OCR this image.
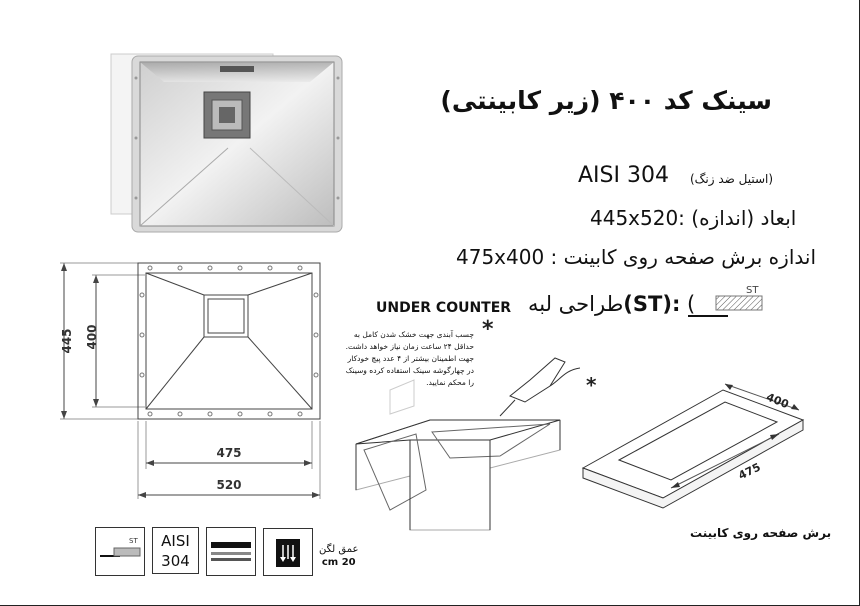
سینک کد ۴۰۰ (زیر کابینتی)
(استیل ضد زنگ)
AISI 304
445x520: ابعاد (اندازه)
475x400 : اندازه برش صفحه روی کابینت
UNDER COUNTER طراحی لبه(ST): (
ST
445 400
475
520
چسب آبندی جهت خشک شدن کامل به حداقل ۲۴ ساعت زمان نیاز خواهد داشت. جهت اطمینان بیشتر از ۴ عدد پیچ خودکار در چهارگوشه سینک استفاده کرده وسینک را محکم نمایید.
*
*
400
475
برش صفحه روی کابینت
ST	AISI
304
عمق لگن
20 cm
